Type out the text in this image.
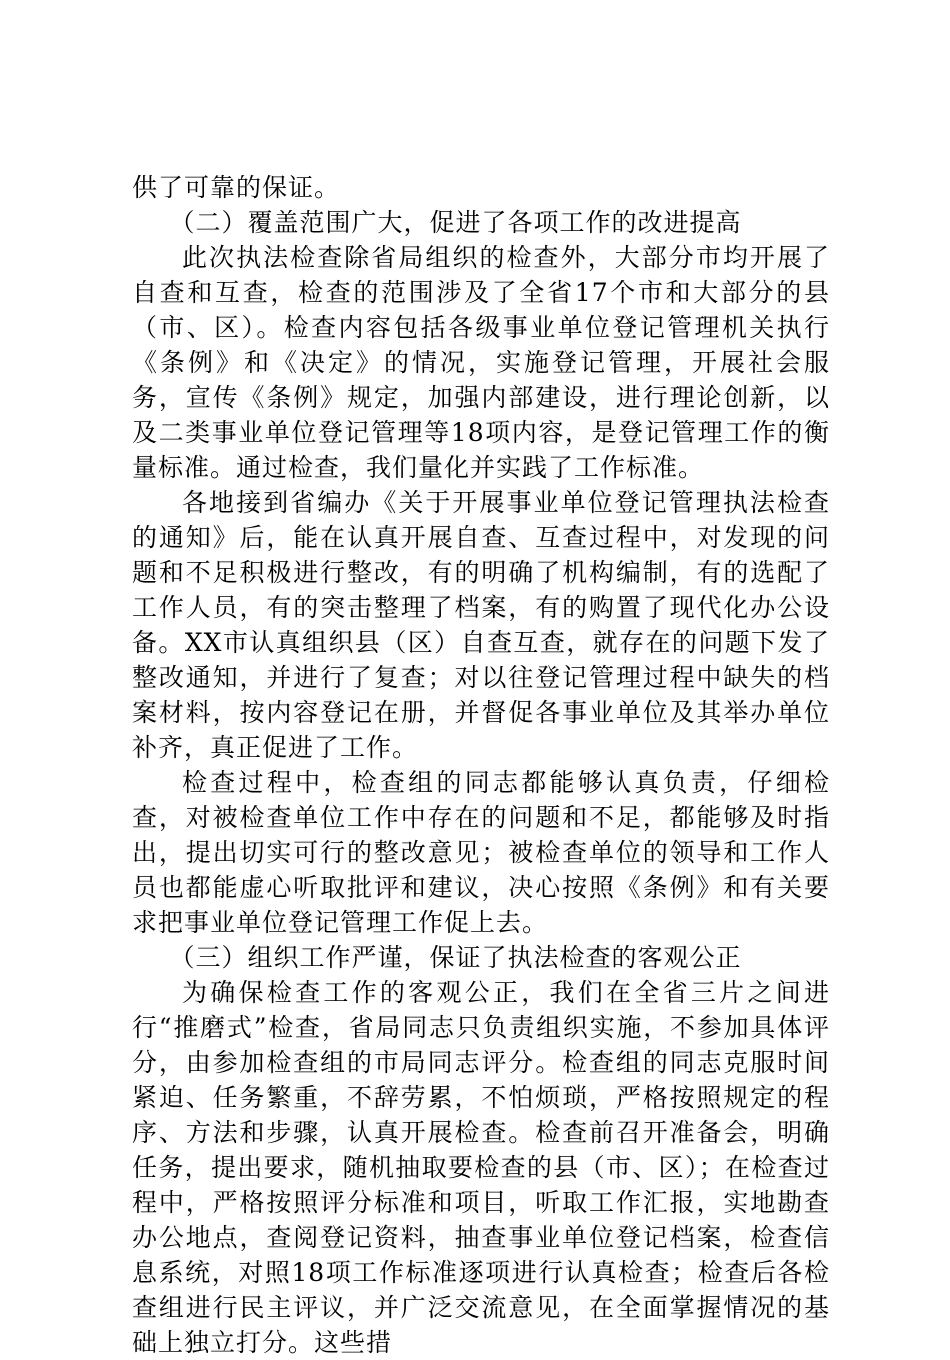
供了可靠的保证。

（二）覆盖范围广大，促进了各项工作的改进提高

此次执法检查除省局组织的检查外，大部分市均开展了自查和互查，检查的范围涉及了全省17个市和大部分的县（市、区）。检查内容包括各级事业单位登记管理机关执行《条例》和《决定》的情况，实施登记管理，开展社会服务，宣传《条例》规定，加强内部建设，进行理论创新，以及二类事业单位登记管理等18项内容，是登记管理工作的衡量标准。通过检查，我们量化并实践了工作标准。

各地接到省编办《关于开展事业单位登记管理执法检查的通知》后，能在认真开展自查、互查过程中，对发现的问题和不足积极进行整改，有的明确了机构编制，有的选配了工作人员，有的突击整理了档案，有的购置了现代化办公设备。XX市认真组织县（区）自查互查，就存在的问题下发了整改通知，并进行了复查；对以往登记管理过程中缺失的档案材料，按内容登记在册，并督促各事业单位及其举办单位补齐，真正促进了工作。

检查过程中，检查组的同志都能够认真负责，仔细检查，对被检查单位工作中存在的问题和不足，都能够及时指出，提出切实可行的整改意见；被检查单位的领导和工作人员也都能虚心听取批评和建议，决心按照《条例》和有关要求把事业单位登记管理工作促上去。

（三）组织工作严谨，保证了执法检查的客观公正

为确保检查工作的客观公正，我们在全省三片之间进行“推磨式”检查，省局同志只负责组织实施，不参加具体评分，由参加检查组的市局同志评分。检查组的同志克服时间紧迫、任务繁重，不辞劳累，不怕烦琐，严格按照规定的程序、方法和步骤，认真开展检查。检查前召开准备会，明确任务，提出要求，随机抽取要检查的县（市、区）；在检查过程中，严格按照评分标准和项目，听取工作汇报，实地勘查办公地点，查阅登记资料，抽查事业单位登记档案，检查信息系统，对照18项工作标准逐项进行认真检查；检查后各检查组进行民主评议，并广泛交流意见，在全面掌握情况的基础上独立打分。这些措
